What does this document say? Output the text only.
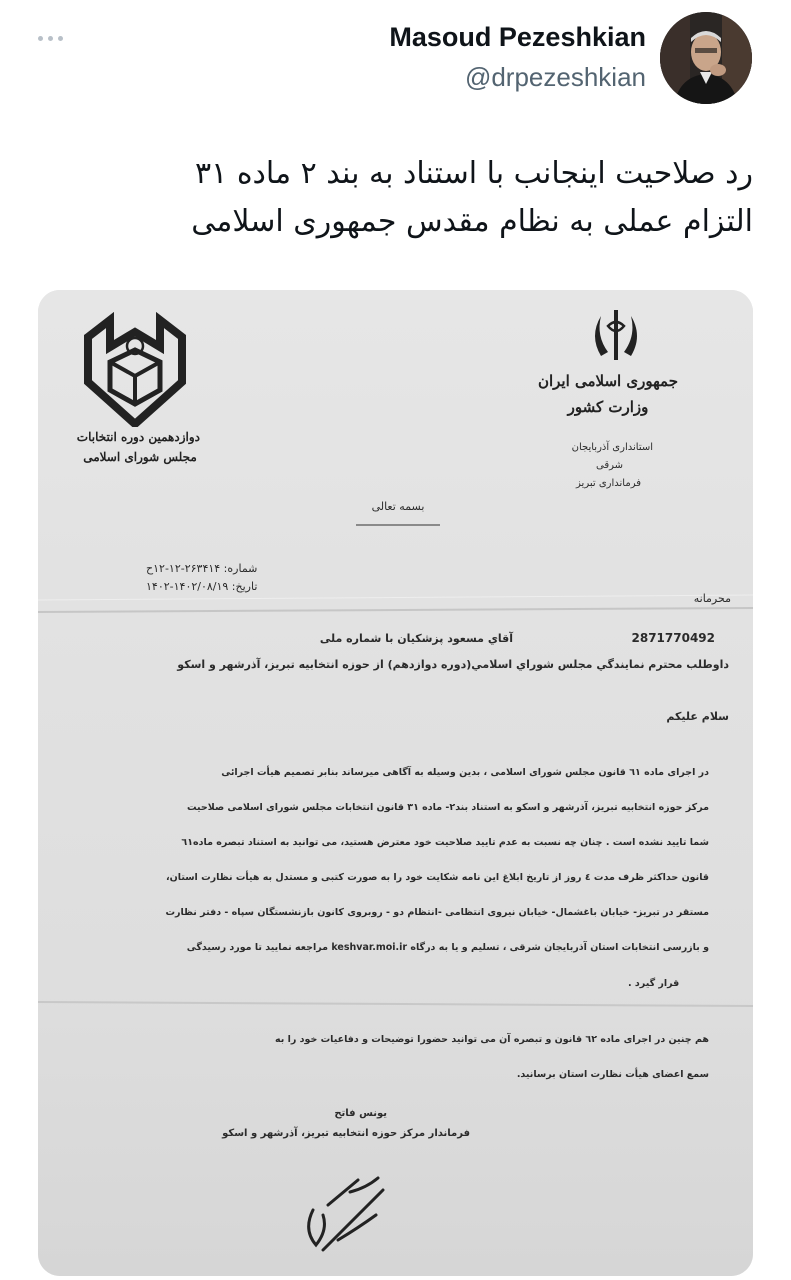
Masoud Pezeshkian
@drpezeshkian
رد صلاحیت اینجانب با استناد به بند ۲ ماده ۳۱
التزام عملی به نظام مقدس جمهوری اسلامی
دوازدهمین دوره انتخابات
مجلس شورای اسلامی
جمهوری اسلامی ایران
وزارت کشور
استانداری آذربایجان
شرقی
فرمانداری تبریز
بسمه تعالی
شماره: ۲۶۳۴۱۴-۱۲-۱۲ح
تاریخ: ۱۴۰۲/۰۸/۱۹-۱۴۰۲
محرمانه
آقاي مسعود پزشكيان با شماره ملی	2871770492
داوطلب محترم نمايندگي مجلس شوراي اسلامي(دوره دوازدهم) از حوزه انتخابيه تبريز، آذرشهر و اسكو
سلام عليكم
در اجرای ماده ٦١ قانون مجلس شورای اسلامی ، بدین وسیله به آگاهی میرساند بنابر تصمیم هیأت اجرائی
مرکز حوزه انتخابیه تبریز، آذرشهر و اسکو به استناد بند۲- ماده ۳۱ قانون انتخابات مجلس شورای اسلامی صلاحیت
شما تایید نشده است . چنان چه نسبت به عدم تایید صلاحیت خود معترض هستید، می توانید به استناد تبصره ماده٦١
قانون حداکثر ظرف مدت ٤ روز از تاریخ ابلاغ این نامه شکایت خود را به صورت کتبی و مستدل به هیأت نظارت استان،
مستقر در تبریز- خیابان باغشمال- خیابان نیروی انتظامی -انتظام دو - روبروی کانون بازنشستگان سپاه - دفتر نظارت
و بازرسی انتخابات استان آذربایجان شرقی ، تسلیم و یا به درگاه keshvar.moi.ir مراجعه نمایید تا مورد رسیدگی
قرار گیرد .
هم چنین در اجرای ماده ٦٢ قانون و تبصره آن می توانید حضورا توضیحات و دفاعیات خود را به
سمع اعضای هیأت نظارت استان برسانید.
یونس فاتح
فرماندار مرکز حوزه انتخابیه تبریز، آذرشهر و اسکو
